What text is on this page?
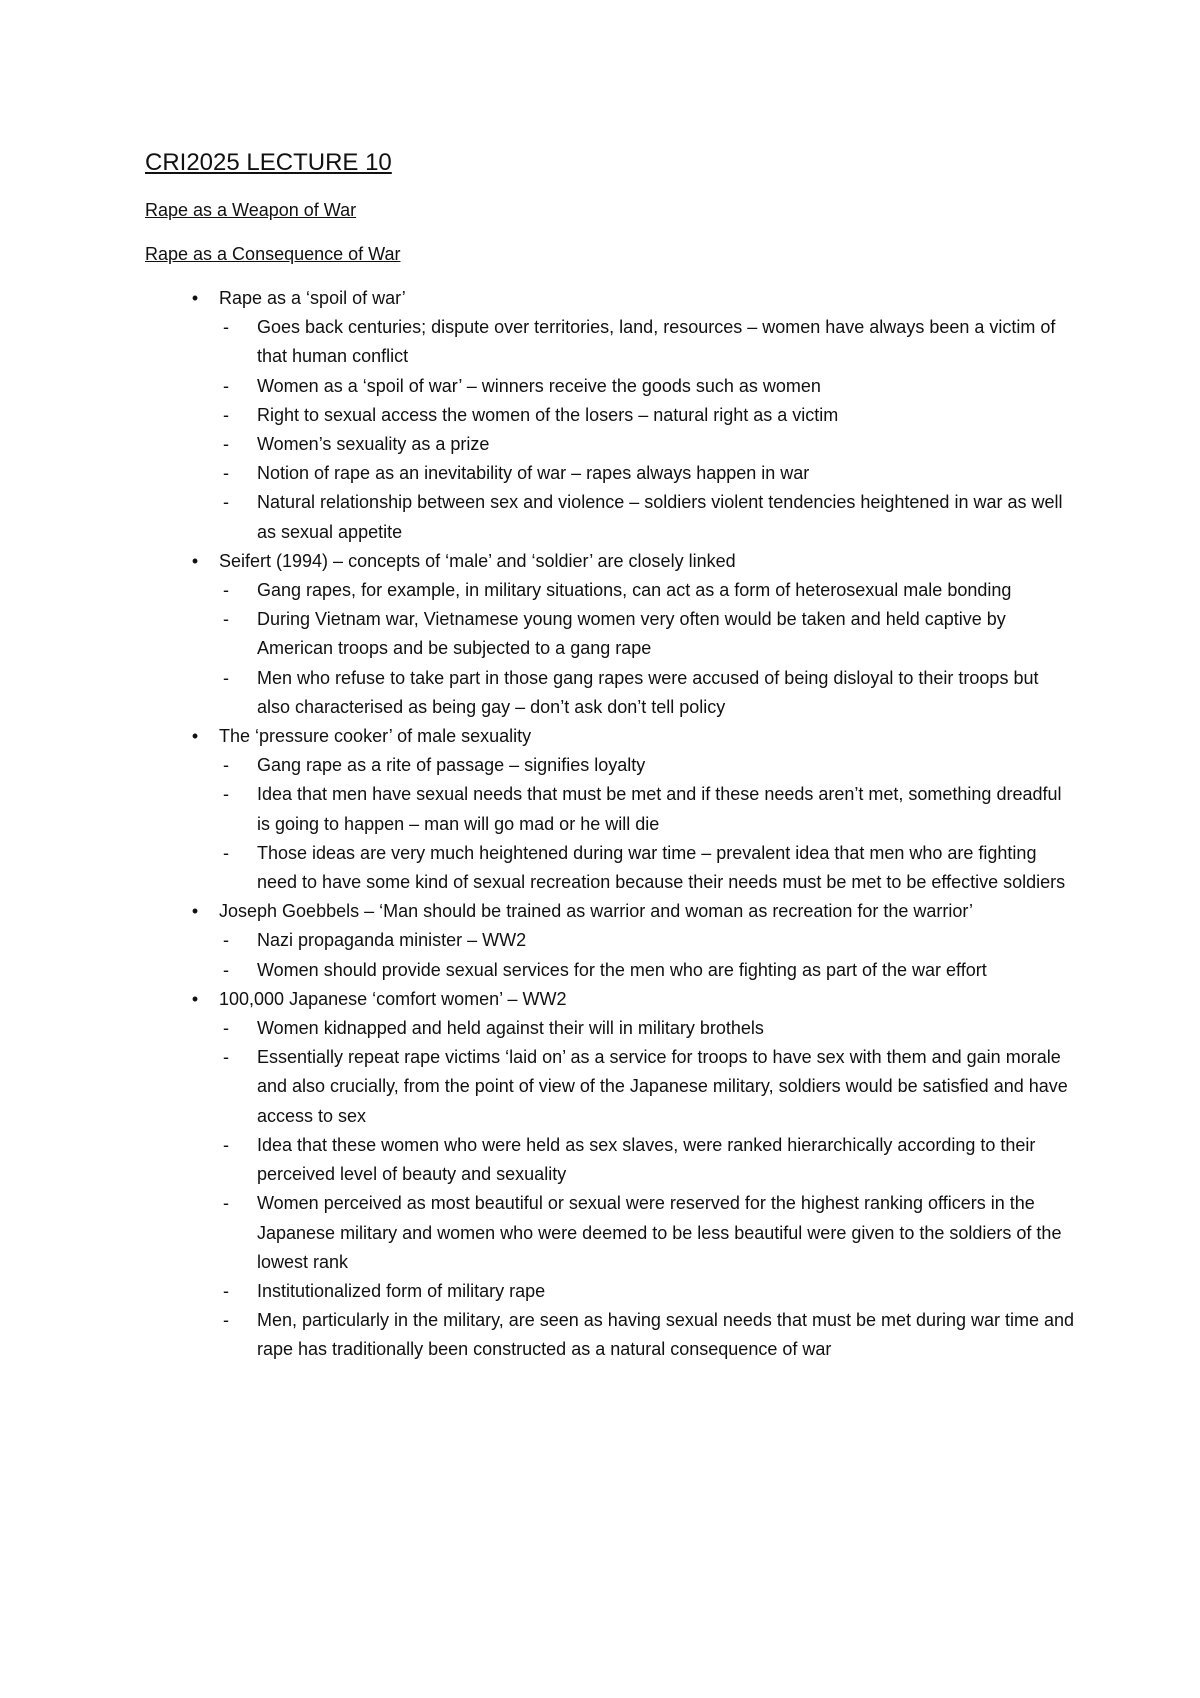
CRI2025 LECTURE 10
Rape as a Weapon of War
Rape as a Consequence of War
•	Rape as a ‘spoil of war’
- Goes back centuries; dispute over territories, land, resources – women have always been a victim of that human conflict
- Women as a ‘spoil of war’ – winners receive the goods such as women
- Right to sexual access the women of the losers – natural right as a victim
- Women’s sexuality as a prize
- Notion of rape as an inevitability of war – rapes always happen in war
- Natural relationship between sex and violence – soldiers violent tendencies heightened in war as well as sexual appetite
•	Seifert (1994) – concepts of ‘male’ and ‘soldier’ are closely linked
- Gang rapes, for example, in military situations, can act as a form of heterosexual male bonding
- During Vietnam war, Vietnamese young women very often would be taken and held captive by American troops and be subjected to a gang rape
- Men who refuse to take part in those gang rapes were accused of being disloyal to their troops but also characterised as being gay – don’t ask don’t tell policy
•	The ‘pressure cooker’ of male sexuality
- Gang rape as a rite of passage – signifies loyalty
- Idea that men have sexual needs that must be met and if these needs aren’t met, something dreadful is going to happen – man will go mad or he will die
- Those ideas are very much heightened during war time – prevalent idea that men who are fighting need to have some kind of sexual recreation because their needs must be met to be effective soldiers
•	Joseph Goebbels – ‘Man should be trained as warrior and woman as recreation for the warrior’
- Nazi propaganda minister – WW2
- Women should provide sexual services for the men who are fighting as part of the war effort
•	100,000 Japanese ‘comfort women’ – WW2
- Women kidnapped and held against their will in military brothels
- Essentially repeat rape victims ‘laid on’ as a service for troops to have sex with them and gain morale and also crucially, from the point of view of the Japanese military, soldiers would be satisfied and have access to sex
- Idea that these women who were held as sex slaves, were ranked hierarchically according to their perceived level of beauty and sexuality
- Women perceived as most beautiful or sexual were reserved for the highest ranking officers in the Japanese military and women who were deemed to be less beautiful were given to the soldiers of the lowest rank
- Institutionalized form of military rape
- Men, particularly in the military, are seen as having sexual needs that must be met during war time and rape has traditionally been constructed as a natural consequence of war
